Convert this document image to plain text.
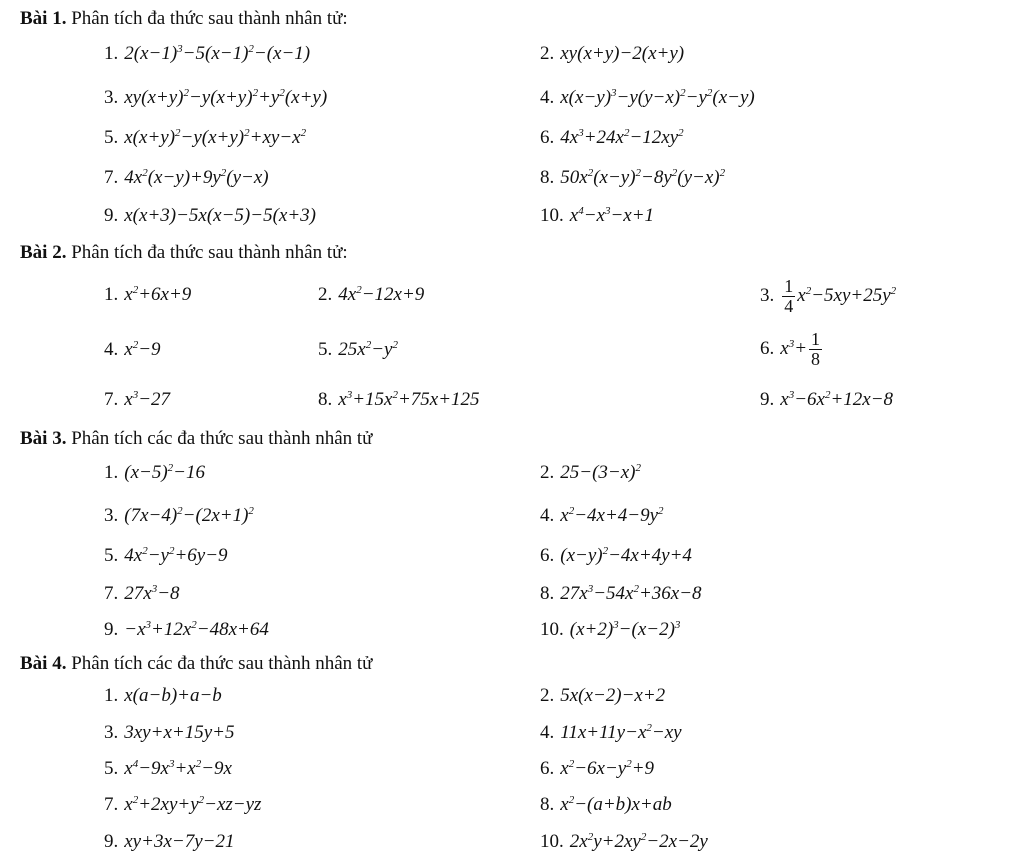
Bài 1. Phân tích đa thức sau thành nhân tử:
1. $2(x-1)^3-5(x-1)^2-(x-1)$	2. xy(x+y)−2(x+y)
3. $xy(x+y)^2-y(x+y)^2+y^2(x+y)$	4. $x(x-y)^3-y(y-x)^2-y^2(x-y)$
5. $x(x+y)^2-y(x+y)^2+xy-x^2$	6. $4x^3+24x^2-12xy^2$
7. $4x^2(x-y)+9y^2(y-x)$	8. $50x^2(x-y)^2-8y^2(y-x)^2$
9. x(x+3)−5x(x−5)−5(x+3)	10. $x^4-x^3-x+1$
Bài 2. Phân tích đa thức sau thành nhân tử:
1. $x^2+6x+9$	2. $4x^2-12x+9$	3. $\frac{1}{4} x^2-5xy+25y^2$
4. $x^2-9$	5. $25x^2-y^2$	6. $x^3+ \frac{1}{8}$
7. $x^3-27$	8. $x^3+15x^2+75x+125$	9. $x^3-6x^2+12x-8$
Bài 3. Phân tích các đa thức sau thành nhân tử
1. $(x-5)^2-16$	2. $25-(3-x)^2$
3. $(7x-4)^2-(2x+1)^2$	4. $x^2-4x+4-9y^2$
5. $4x^2-y^2+6y-9$	6. $(x-y)^2-4x+4y+4$
7. $27x^3-8$	8. $27x^3-54x^2+36x-8$
9. $-x^3+12x^2-48x+64$	10. $(x+2)^3-(x-2)^3$
Bài 4. Phân tích các đa thức sau thành nhân tử
1. x(a−b)+a−b	2. 5x(x−2)−x+2
3. 3xy+x+15y+5	4. $11x+11y-x^2-xy$
5. $x^4-9x^3+x^2-9x$	6. $x^2-6x-y^2+9$
7. $x^2+2xy+y^2-xz-yz$	8. $x^2-(a+b)x+ab$
9. xy+3x−7y−21	10. $2x^2y+2xy^2-2x-2y$
